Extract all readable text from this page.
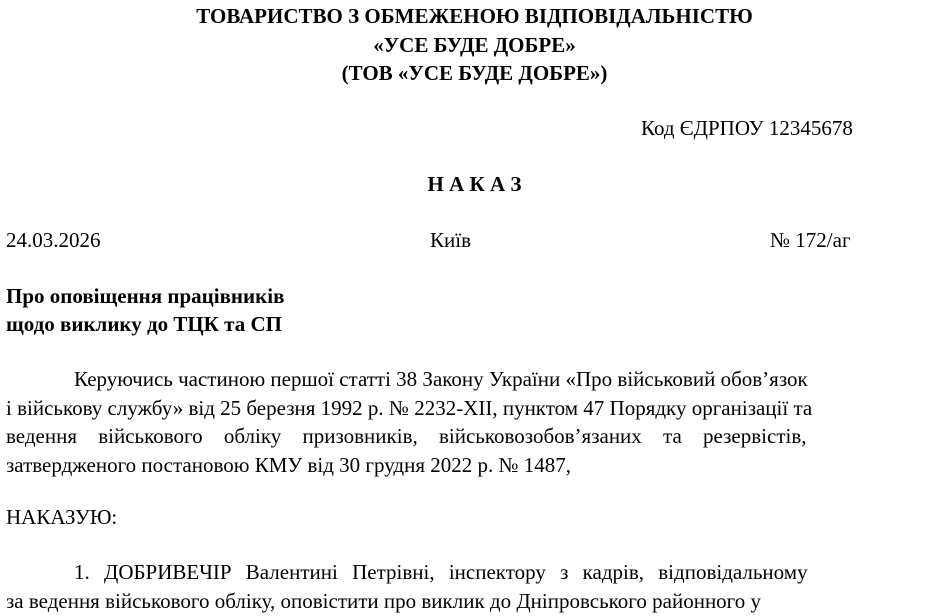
ТОВАРИСТВО З ОБМЕЖЕНОЮ ВІДПОВІДАЛЬНІСТЮ
«УСЕ БУДЕ ДОБРЕ»
(ТОВ «УСЕ БУДЕ ДОБРЕ»)
Код ЄДРПОУ 12345678
Н А К А З
24.03.2026	Київ	№ 172/аг
Про оповіщення працівників
щодо виклику до ТЦК та СП
Керуючись частиною першої статті 38 Закону України «Про військовий обов’язок
і військову службу» від 25 березня 1992 р. № 2232-XII, пунктом 47 Порядку організації та
ведення військового обліку призовників, військовозобов’язаних та резервістів,
затвердженого постановою КМУ від 30 грудня 2022 р. № 1487,
НАКАЗУЮ:
1. ДОБРИВЕЧІР Валентині Петрівні, інспектору з кадрів, відповідальному
за ведення військового обліку, оповістити про виклик до Дніпровського районного у
